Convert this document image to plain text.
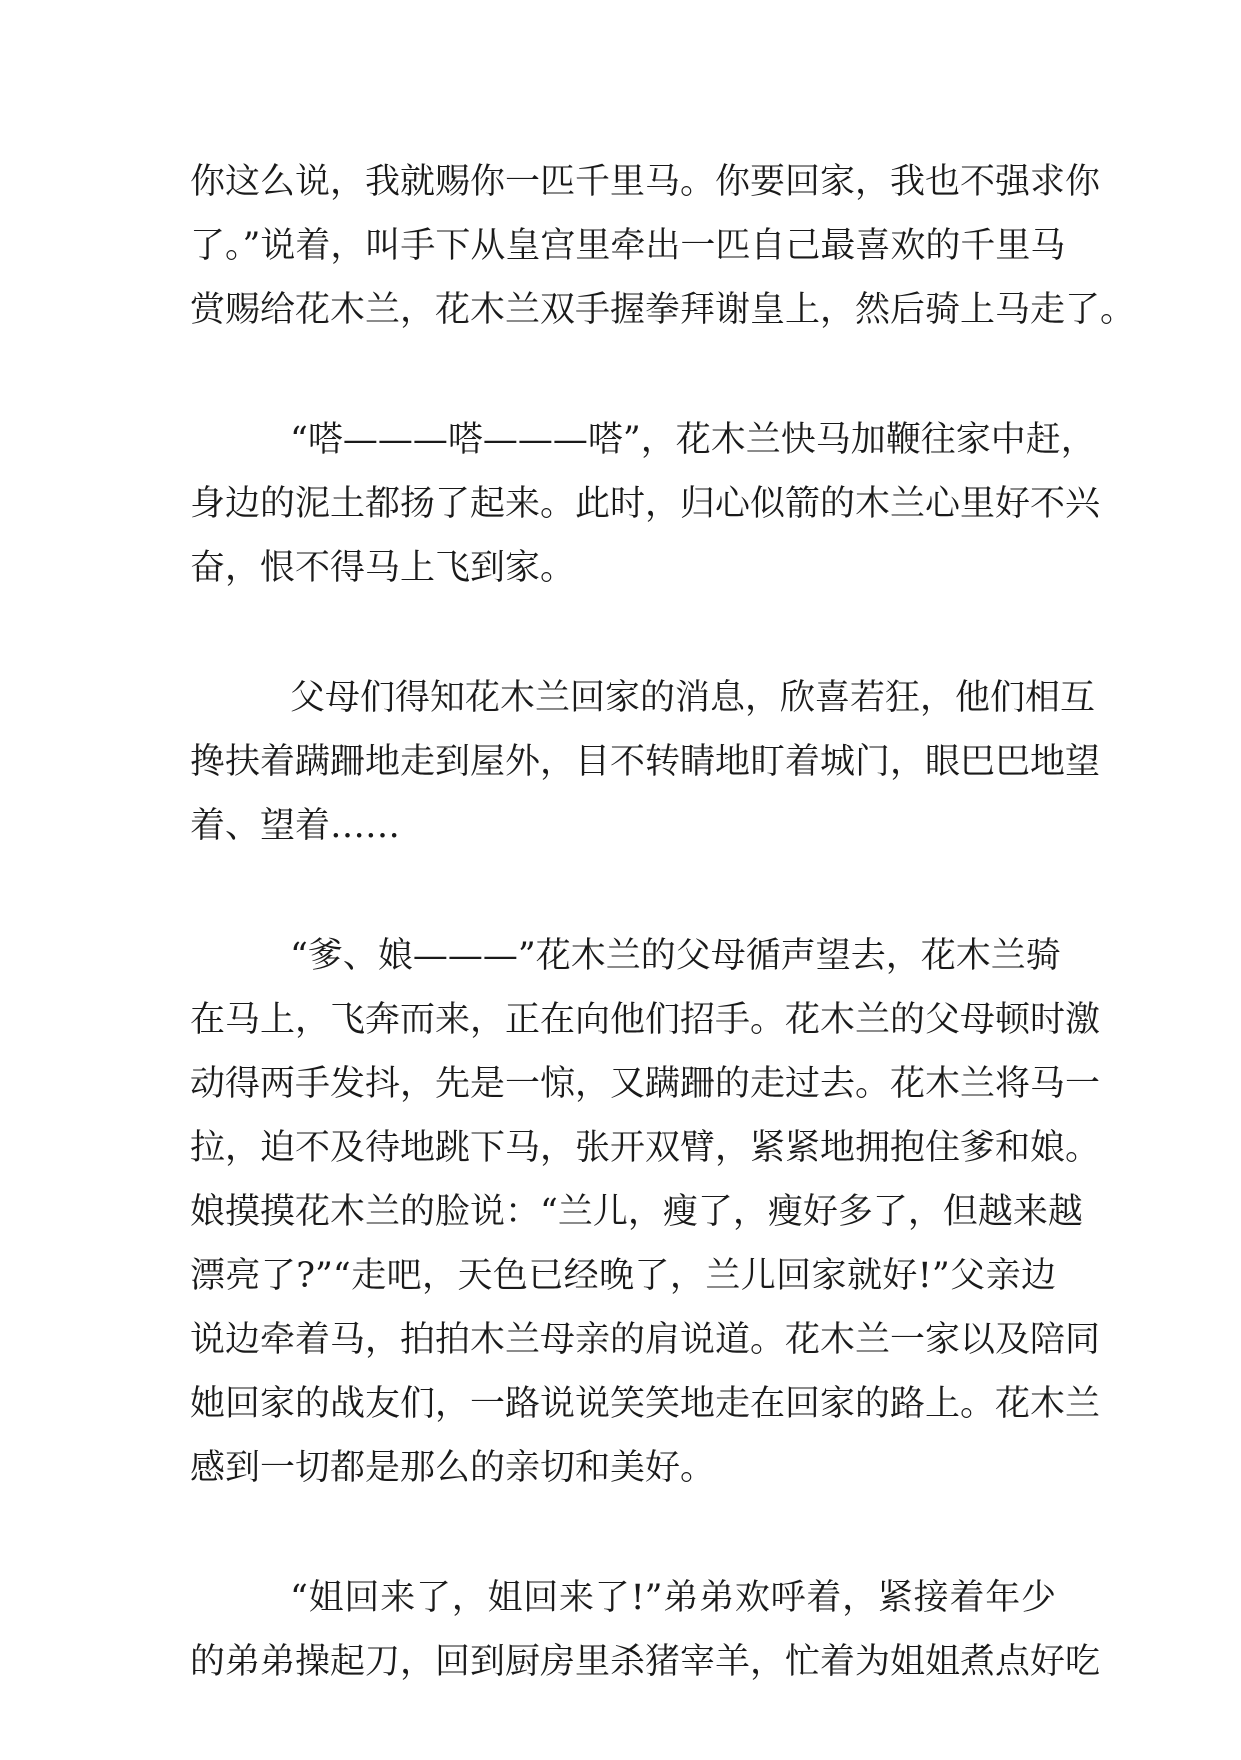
你这么说，我就赐你一匹千里马。你要回家，我也不强求你
了。”说着，叫手下从皇宫里牵出一匹自己最喜欢的千里马
赏赐给花木兰，花木兰双手握拳拜谢皇上，然后骑上马走了。
“嗒———嗒———嗒”，花木兰快马加鞭往家中赶，
身边的泥土都扬了起来。此时，归心似箭的木兰心里好不兴
奋，恨不得马上飞到家。
父母们得知花木兰回家的消息，欣喜若狂，他们相互
搀扶着蹒跚地走到屋外，目不转睛地盯着城门，眼巴巴地望
着、望着……
“爹、娘———”花木兰的父母循声望去，花木兰骑
在马上，飞奔而来，正在向他们招手。花木兰的父母顿时激
动得两手发抖，先是一惊，又蹒跚的走过去。花木兰将马一
拉，迫不及待地跳下马，张开双臂，紧紧地拥抱住爹和娘。
娘摸摸花木兰的脸说：“兰儿，瘦了，瘦好多了，但越来越
漂亮了?”“走吧，天色已经晚了，兰儿回家就好!”父亲边
说边牵着马，拍拍木兰母亲的肩说道。花木兰一家以及陪同
她回家的战友们，一路说说笑笑地走在回家的路上。花木兰
感到一切都是那么的亲切和美好。
“姐回来了，姐回来了!”弟弟欢呼着，紧接着年少
的弟弟操起刀，回到厨房里杀猪宰羊，忙着为姐姐煮点好吃
